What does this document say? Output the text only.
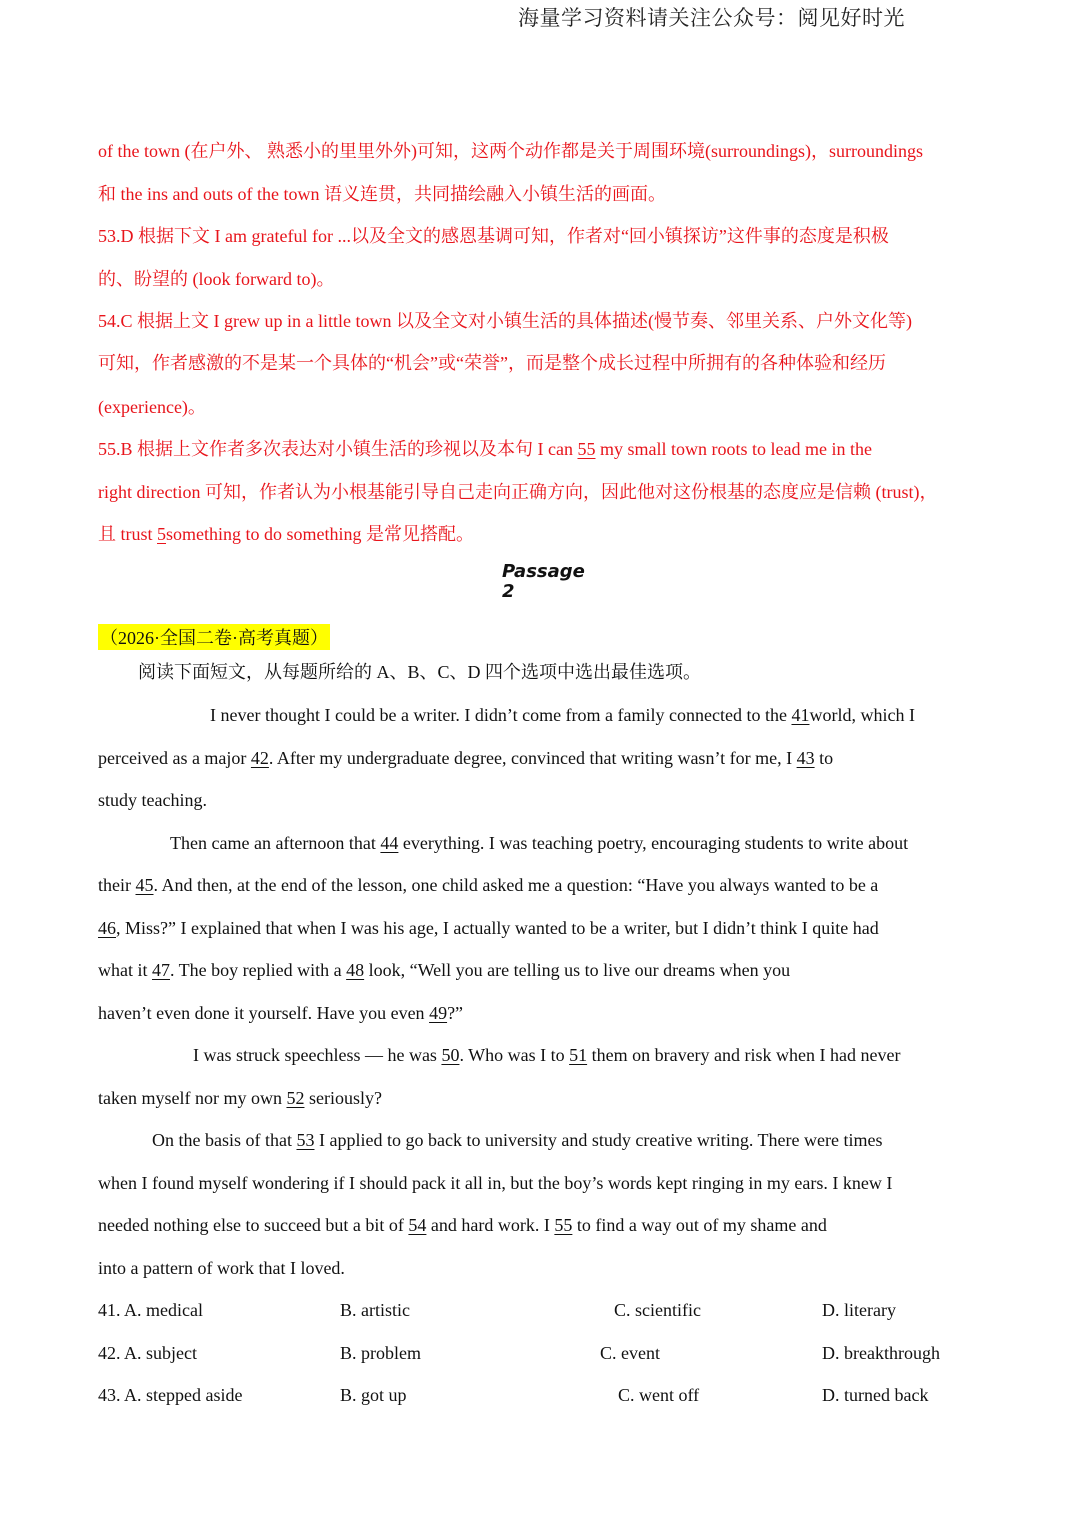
海量学习资料请关注公众号：阅见好时光
of the town (在户外、 熟悉小的里里外外)可知，这两个动作都是关于周围环境(surroundings)，surroundings
和 the ins and outs of the town 语义连贯，共同描绘融入小镇生活的画面。
53.D 根据下文 I am grateful for ...以及全文的感恩基调可知，作者对“回小镇探访”这件事的态度是积极
的、盼望的 (look forward to)。
54.C 根据上文 I grew up in a little town 以及全文对小镇生活的具体描述(慢节奏、邻里关系、户外文化等)
可知，作者感激的不是某一个具体的“机会”或“荣誉”，而是整个成长过程中所拥有的各种体验和经历
(experience)。
55.B 根据上文作者多次表达对小镇生活的珍视以及本句 I can 55 my small town roots to lead me in the
right direction 可知，作者认为小根基能引导自己走向正确方向，因此他对这份根基的态度应是信赖 (trust)，
且 trust 5something to do something 是常见搭配。
Passage
2
（2026·全国二卷·高考真题）
阅读下面短文，从每题所给的 A、B、C、D 四个选项中选出最佳选项。
I never thought I could be a writer. I didn’t come from a family connected to the 41world, which I
perceived as a major 42. After my undergraduate degree, convinced that writing wasn’t for me, I 43 to
study teaching.
Then came an afternoon that 44 everything. I was teaching poetry, encouraging students to write about
their 45. And then, at the end of the lesson, one child asked me a question: “Have you always wanted to be a
46, Miss?” I explained that when I was his age, I actually wanted to be a writer, but I didn’t think I quite had
what it 47. The boy replied with a 48 look, “Well you are telling us to live our dreams when you
haven’t even done it yourself. Have you even 49?”
I was struck speechless — he was 50. Who was I to 51 them on bravery and risk when I had never
taken myself nor my own 52 seriously?
On the basis of that 53 I applied to go back to university and study creative writing. There were times
when I found myself wondering if I should pack it all in, but the boy’s words kept ringing in my ears. I knew I
needed nothing else to succeed but a bit of 54 and hard work. I 55 to find a way out of my shame and
into a pattern of work that I loved.
41. A. medical	B. artistic	C. scientific	D. literary
42. A. subject	B. problem	C. event	D. breakthrough
43. A. stepped aside	B. got up	C. went off	D. turned back
